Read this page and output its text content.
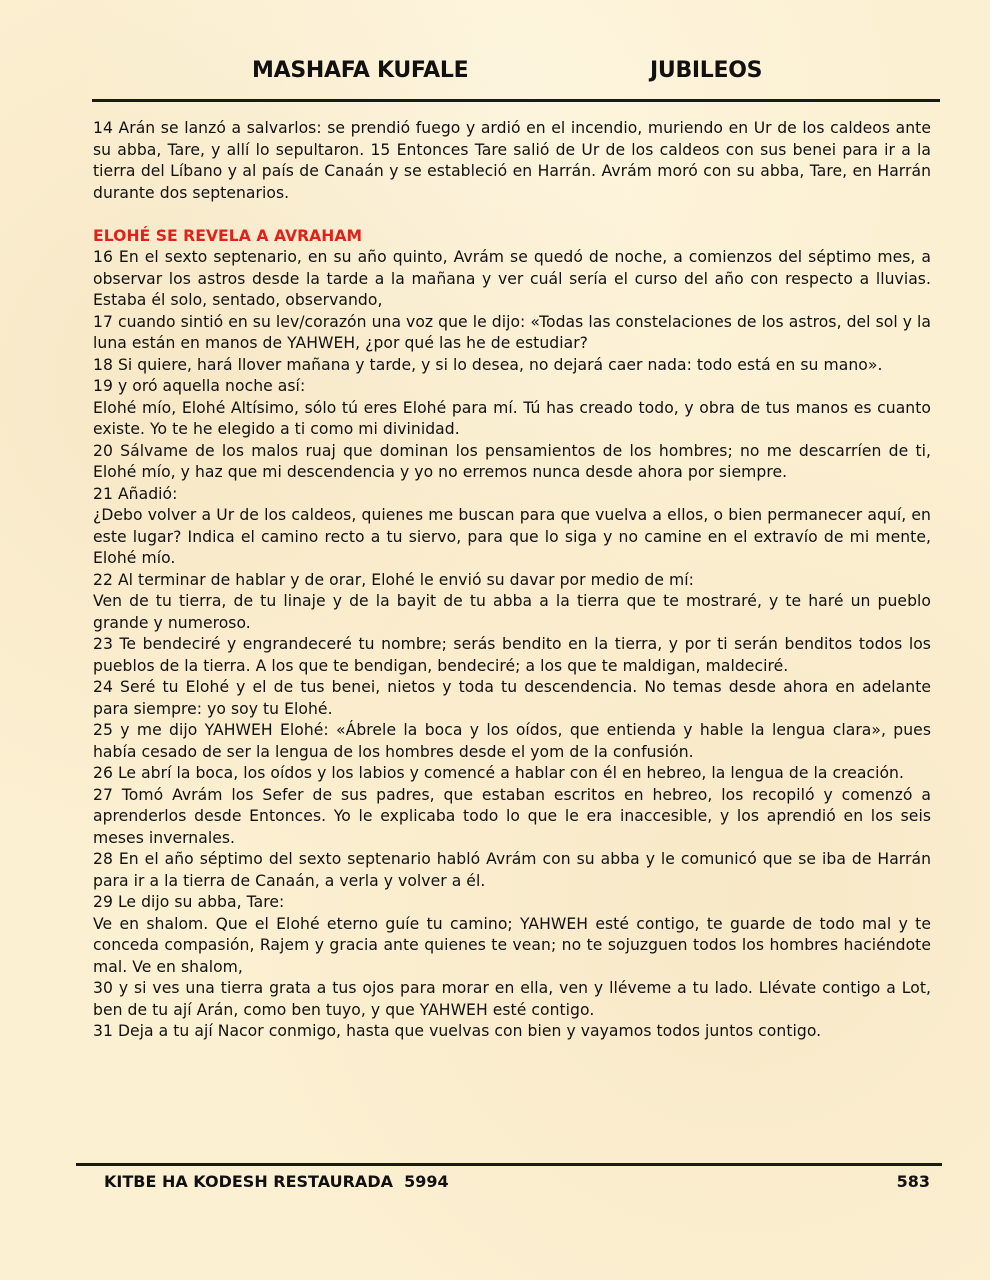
MASHAFA KUFALE	JUBILEOS

14 Arán se lanzó a salvarlos: se prendió fuego y ardió en el incendio, muriendo en Ur de los caldeos ante su abba, Tare, y allí lo sepultaron. 15 Entonces Tare salió de Ur de los caldeos con sus benei para ir a la tierra del Líbano y al país de Canaán y se estableció en Harrán. Avrám moró con su abba, Tare, en Harrán durante dos septenarios.

ELOHÉ SE REVELA A AVRAHAM

16 En el sexto septenario, en su año quinto, Avrám se quedó de noche, a comienzos del séptimo mes, a observar los astros desde la tarde a la mañana y ver cuál sería el curso del año con respecto a lluvias. Estaba él solo, sentado, observando,

17 cuando sintió en su lev/corazón una voz que le dijo: «Todas las constelaciones de los astros, del sol y la luna están en manos de YAHWEH, ¿por qué las he de estudiar?

18 Si quiere, hará llover mañana y tarde, y si lo desea, no dejará caer nada: todo está en su mano».

19 y oró aquella noche así:

Elohé mío, Elohé Altísimo, sólo tú eres Elohé para mí. Tú has creado todo, y obra de tus manos es cuanto existe. Yo te he elegido a ti como mi divinidad.

20 Sálvame de los malos ruaj que dominan los pensamientos de los hombres; no me descarríen de ti, Elohé mío, y haz que mi descendencia y yo no erremos nunca desde ahora por siempre.

21 Añadió:

¿Debo volver a Ur de los caldeos, quienes me buscan para que vuelva a ellos, o bien permanecer aquí, en este lugar? Indica el camino recto a tu siervo, para que lo siga y no camine en el extravío de mi mente, Elohé mío.

22 Al terminar de hablar y de orar, Elohé le envió su davar por medio de mí:

Ven de tu tierra, de tu linaje y de la bayit de tu abba a la tierra que te mostraré, y te haré un pueblo grande y numeroso.

23 Te bendeciré y engrandeceré tu nombre; serás bendito en la tierra, y por ti serán benditos todos los pueblos de la tierra. A los que te bendigan, bendeciré; a los que te maldigan, maldeciré.

24 Seré tu Elohé y el de tus benei, nietos y toda tu descendencia. No temas desde ahora en adelante para siempre: yo soy tu Elohé.

25 y me dijo YAHWEH Elohé: «Ábrele la boca y los oídos, que entienda y hable la lengua clara», pues había cesado de ser la lengua de los hombres desde el yom de la confusión.

26 Le abrí la boca, los oídos y los labios y comencé a hablar con él en hebreo, la lengua de la creación.

27 Tomó Avrám los Sefer de sus padres, que estaban escritos en hebreo, los recopiló y comenzó a aprenderlos desde Entonces. Yo le explicaba todo lo que le era inaccesible, y los aprendió en los seis meses invernales.

28 En el año séptimo del sexto septenario habló Avrám con su abba y le comunicó que se iba de Harrán para ir a la tierra de Canaán, a verla y volver a él.

29 Le dijo su abba, Tare:

Ve en shalom. Que el Elohé eterno guíe tu camino; YAHWEH esté contigo, te guarde de todo mal y te conceda compasión, Rajem y gracia ante quienes te vean; no te sojuzguen todos los hombres haciéndote mal. Ve en shalom,

30 y si ves una tierra grata a tus ojos para morar en ella, ven y lléveme a tu lado. Llévate contigo a Lot, ben de tu ají Arán, como ben tuyo, y que YAHWEH esté contigo.

31 Deja a tu ají Nacor conmigo, hasta que vuelvas con bien y vayamos todos juntos contigo.

KITBE HA KODESH RESTAURADA  5994	583
